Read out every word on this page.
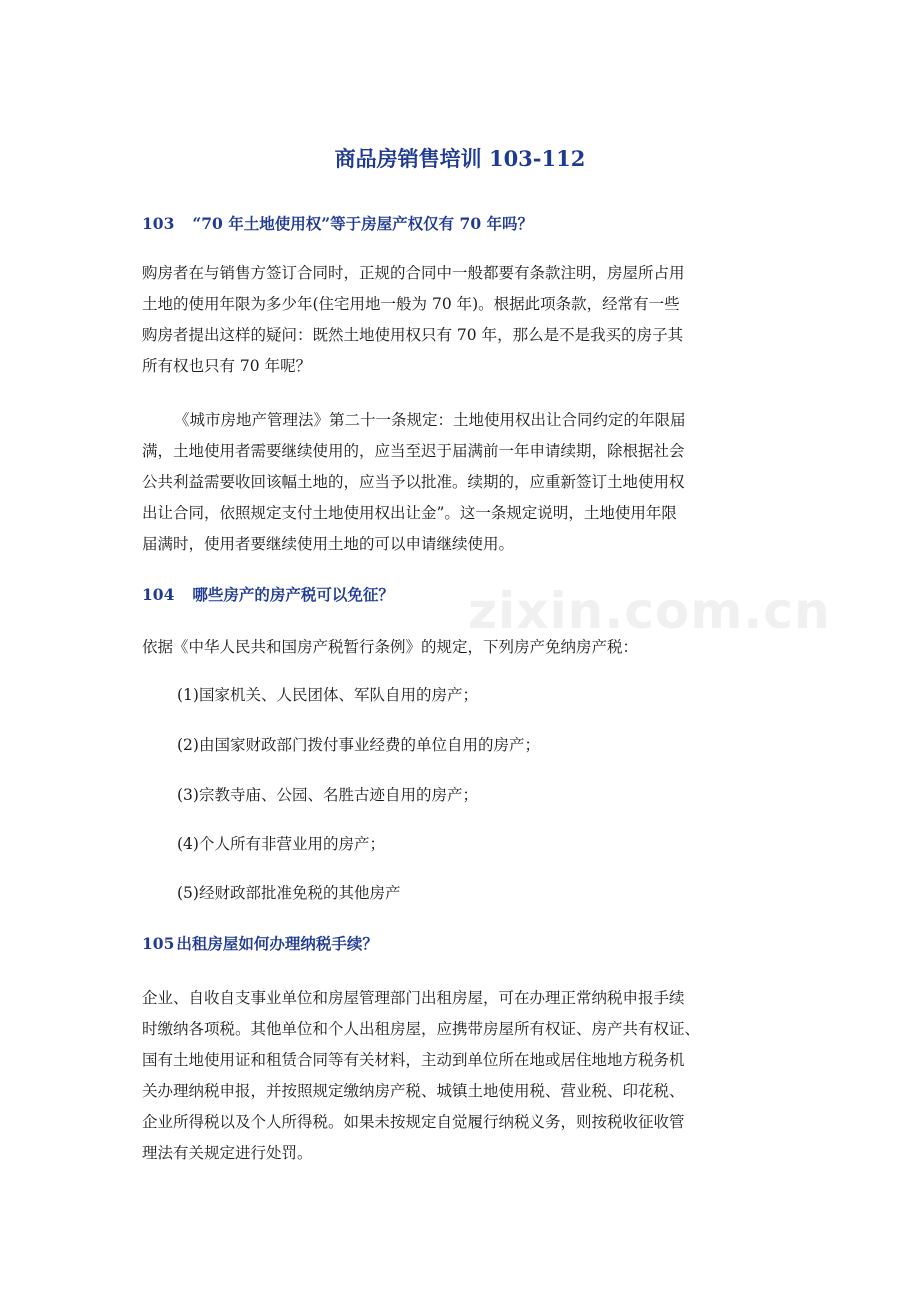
商品房销售培训 103-112
103 “70 年土地使用权”等于房屋产权仅有 70 年吗？
购房者在与销售方签订合同时，正规的合同中一般都要有条款注明，房屋所占用
土地的使用年限为多少年(住宅用地一般为 70 年)。根据此项条款，经常有一些
购房者提出这样的疑问：既然土地使用权只有 70 年，那么是不是我买的房子其
所有权也只有 70 年呢？
《城市房地产管理法》第二十一条规定：土地使用权出让合同约定的年限届
满，土地使用者需要继续使用的，应当至迟于届满前一年申请续期，除根据社会
公共利益需要收回该幅土地的，应当予以批准。续期的，应重新签订土地使用权
出让合同，依照规定支付土地使用权出让金”。这一条规定说明，土地使用年限
届满时，使用者要继续使用土地的可以申请继续使用。
104 哪些房产的房产税可以免征？
依据《中华人民共和国房产税暂行条例》的规定，下列房产免纳房产税：
(1)国家机关、人民团体、军队自用的房产；
(2)由国家财政部门拨付事业经费的单位自用的房产；
(3)宗教寺庙、公园、名胜古迹自用的房产；
(4)个人所有非营业用的房产；
(5)经财政部批准免税的其他房产
105 出租房屋如何办理纳税手续？
企业、自收自支事业单位和房屋管理部门出租房屋，可在办理正常纳税申报手续
时缴纳各项税。其他单位和个人出租房屋，应携带房屋所有权证、房产共有权证、
国有土地使用证和租赁合同等有关材料，主动到单位所在地或居住地地方税务机
关办理纳税申报，并按照规定缴纳房产税、城镇土地使用税、营业税、印花税、
企业所得税以及个人所得税。如果未按规定自觉履行纳税义务，则按税收征收管
理法有关规定进行处罚。
zixin.com.cn
